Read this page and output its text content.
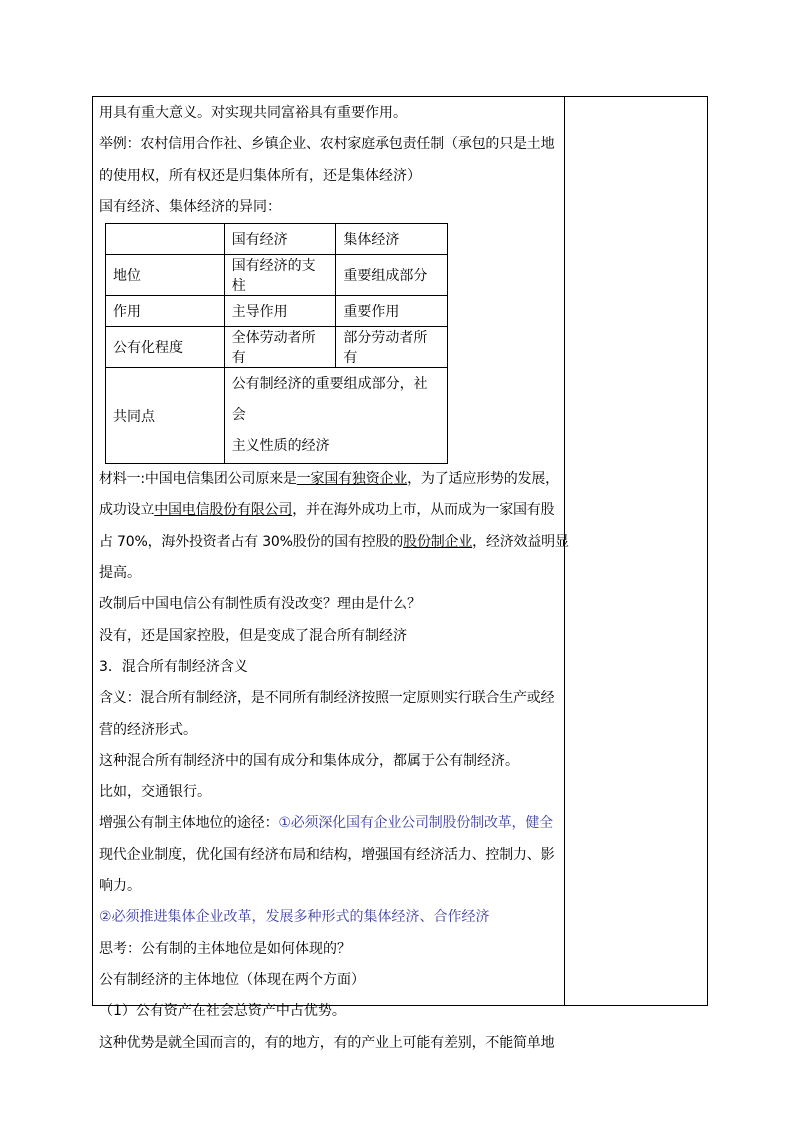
用具有重大意义。对实现共同富裕具有重要作用。
举例：农村信用合作社、乡镇企业、农村家庭承包责任制（承包的只是土地
的使用权，所有权还是归集体所有，还是集体经济）
国有经济、集体经济的异同：
	国有经济	集体经济
地位	国有经济的支柱	重要组成部分
作用	主导作用	重要作用
公有化程度	全体劳动者所有	部分劳动者所有
共同点	公有制经济的重要组成部分，社会
主义性质的经济	
材料一:中国电信集团公司原来是一家国有独资企业，为了适应形势的发展，
成功设立中国电信股份有限公司，并在海外成功上市，从而成为一家国有股
占 70%，海外投资者占有 30%股份的国有控股的股份制企业，经济效益明显
提高。
改制后中国电信公有制性质有没改变？理由是什么？
没有，还是国家控股，但是变成了混合所有制经济
3．混合所有制经济含义
含义：混合所有制经济，是不同所有制经济按照一定原则实行联合生产或经
营的经济形式。
这种混合所有制经济中的国有成分和集体成分，都属于公有制经济。
比如，交通银行。
增强公有制主体地位的途径：①必须深化国有企业公司制股份制改革，健全
现代企业制度，优化国有经济布局和结构，增强国有经济活力、控制力、影
响力。
②必须推进集体企业改革，发展多种形式的集体经济、合作经济
思考：公有制的主体地位是如何体现的？
公有制经济的主体地位（体现在两个方面）
（1）公有资产在社会总资产中占优势。
这种优势是就全国而言的，有的地方，有的产业上可能有差别，不能简单地
